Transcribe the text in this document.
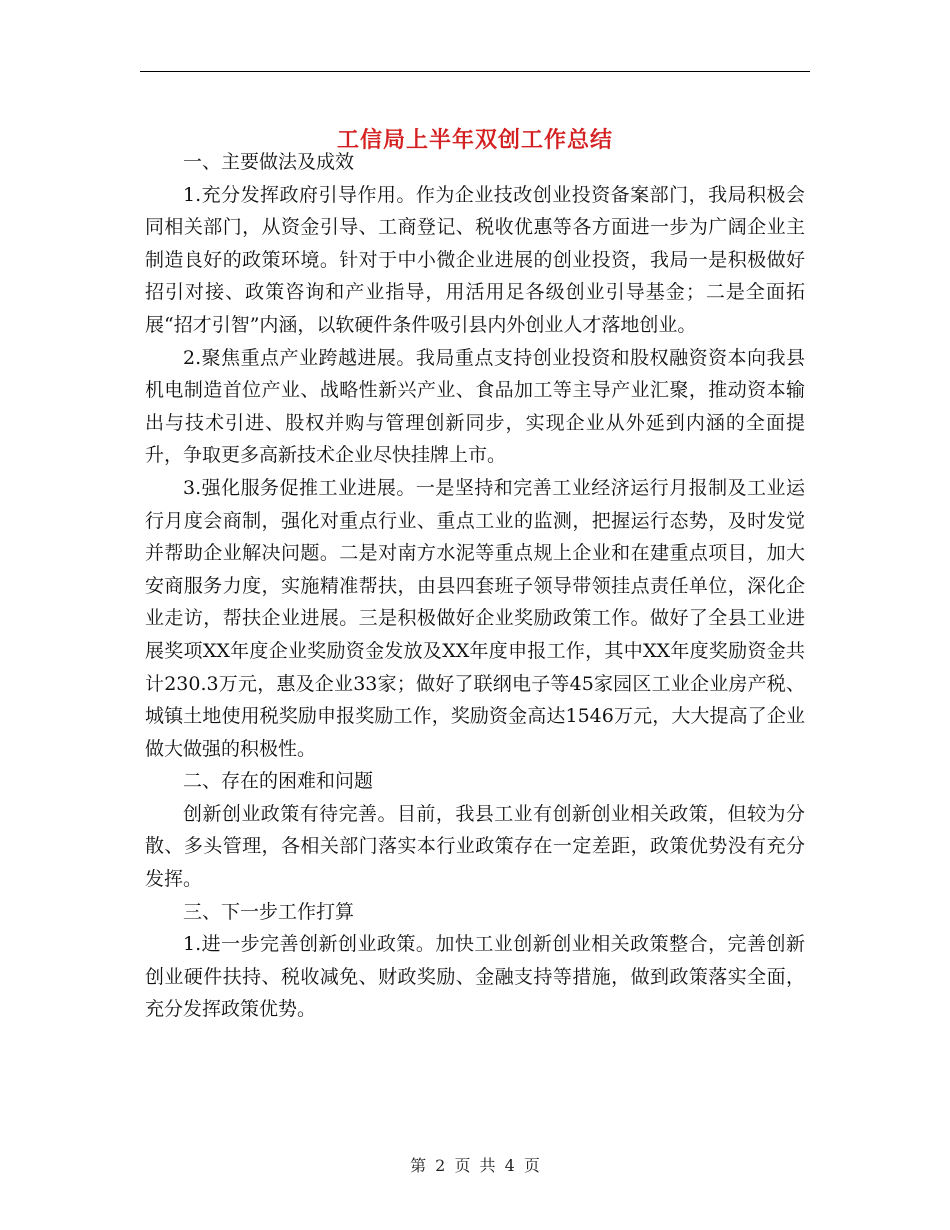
工信局上半年双创工作总结

一、主要做法及成效

1.充分发挥政府引导作用。作为企业技改创业投资备案部门，我局积极会同相关部门，从资金引导、工商登记、税收优惠等各方面进一步为广阔企业主制造良好的政策环境。针对于中小微企业进展的创业投资，我局一是积极做好招引对接、政策咨询和产业指导，用活用足各级创业引导基金；二是全面拓展“招才引智”内涵，以软硬件条件吸引县内外创业人才落地创业。

2.聚焦重点产业跨越进展。我局重点支持创业投资和股权融资资本向我县机电制造首位产业、战略性新兴产业、食品加工等主导产业汇聚，推动资本输出与技术引进、股权并购与管理创新同步，实现企业从外延到内涵的全面提升，争取更多高新技术企业尽快挂牌上市。

3.强化服务促推工业进展。一是坚持和完善工业经济运行月报制及工业运行月度会商制，强化对重点行业、重点工业的监测，把握运行态势，及时发觉并帮助企业解决问题。二是对南方水泥等重点规上企业和在建重点项目，加大安商服务力度，实施精准帮扶，由县四套班子领导带领挂点责任单位，深化企业走访，帮扶企业进展。三是积极做好企业奖励政策工作。做好了全县工业进展奖项XX年度企业奖励资金发放及XX年度申报工作，其中XX年度奖励资金共计230.3万元，惠及企业33家；做好了联纲电子等45家园区工业企业房产税、城镇土地使用税奖励申报奖励工作，奖励资金高达1546万元，大大提高了企业做大做强的积极性。

二、存在的困难和问题

创新创业政策有待完善。目前，我县工业有创新创业相关政策，但较为分散、多头管理，各相关部门落实本行业政策存在一定差距，政策优势没有充分发挥。

三、下一步工作打算

1.进一步完善创新创业政策。加快工业创新创业相关政策整合，完善创新创业硬件扶持、税收减免、财政奖励、金融支持等措施，做到政策落实全面，充分发挥政策优势。

第 2 页 共 4 页
